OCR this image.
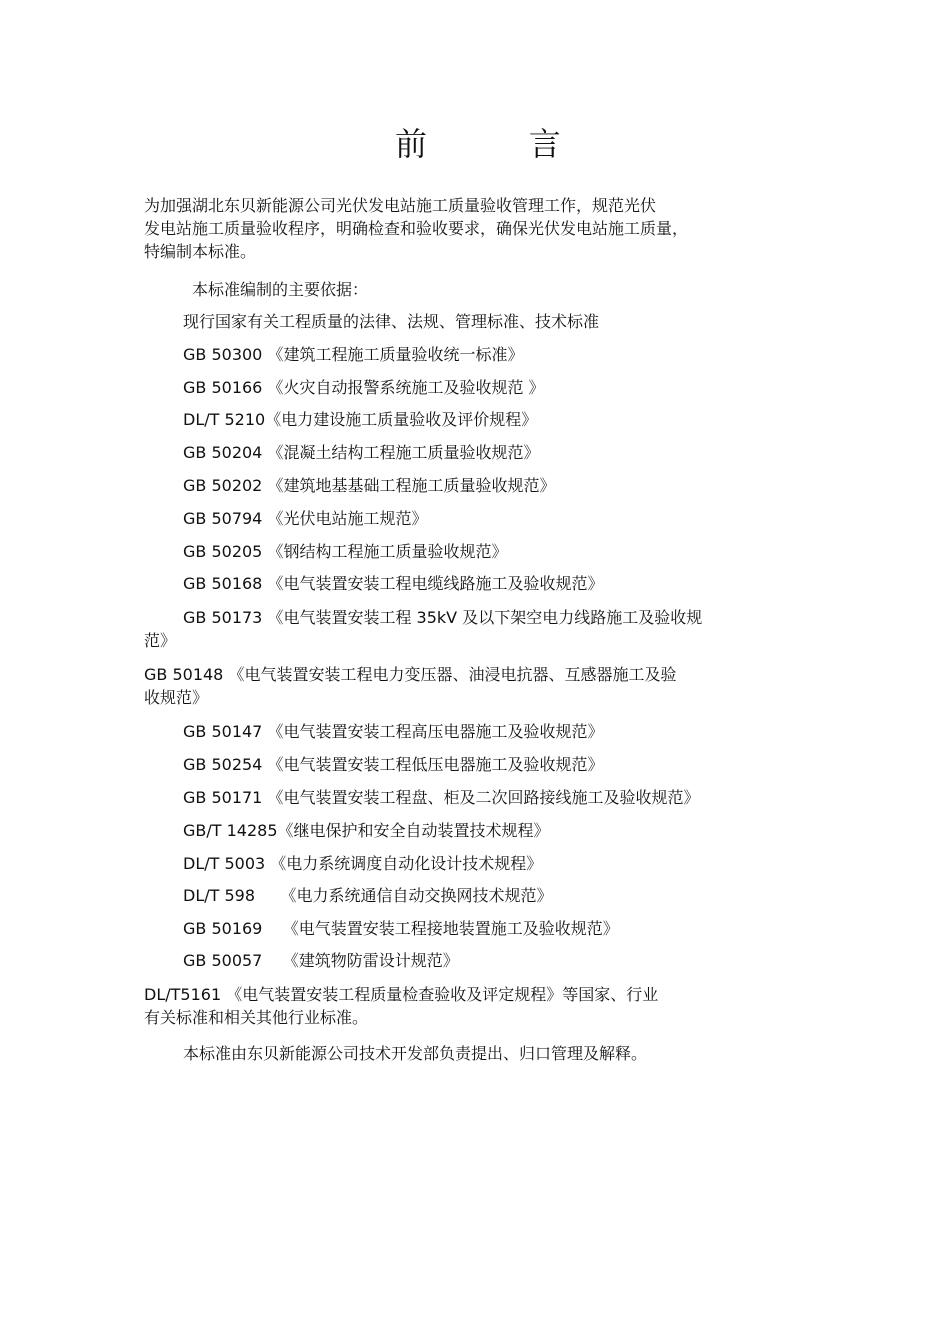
前          言
为加强湖北东贝新能源公司光伏发电站施工质量验收管理工作，规范光伏
发电站施工质量验收程序，明确检查和验收要求，确保光伏发电站施工质量，
特编制本标准。
本标准编制的主要依据：
现行国家有关工程质量的法律、法规、管理标准、技术标准
GB 50300 《建筑工程施工质量验收统一标准》
GB 50166 《火灾自动报警系统施工及验收规范 》
DL/T 5210《电力建设施工质量验收及评价规程》
GB 50204 《混凝土结构工程施工质量验收规范》
GB 50202 《建筑地基基础工程施工质量验收规范》
GB 50794 《光伏电站施工规范》
GB 50205 《钢结构工程施工质量验收规范》
GB 50168 《电气装置安装工程电缆线路施工及验收规范》
GB 50173 《电气装置安装工程 35kV 及以下架空电力线路施工及验收规
范》
GB 50148 《电气装置安装工程电力变压器、油浸电抗器、互感器施工及验
收规范》
GB 50147 《电气装置安装工程高压电器施工及验收规范》
GB 50254 《电气装置安装工程低压电器施工及验收规范》
GB 50171 《电气装置安装工程盘、柜及二次回路接线施工及验收规范》
GB/T 14285《继电保护和安全自动装置技术规程》
DL/T 5003 《电力系统调度自动化设计技术规程》
DL/T 598     《电力系统通信自动交换网技术规范》
GB 50169    《电气装置安装工程接地装置施工及验收规范》
GB 50057    《建筑物防雷设计规范》
DL/T5161 《电气装置安装工程质量检查验收及评定规程》等国家、行业
有关标准和相关其他行业标准。
本标准由东贝新能源公司技术开发部负责提出、归口管理及解释。
